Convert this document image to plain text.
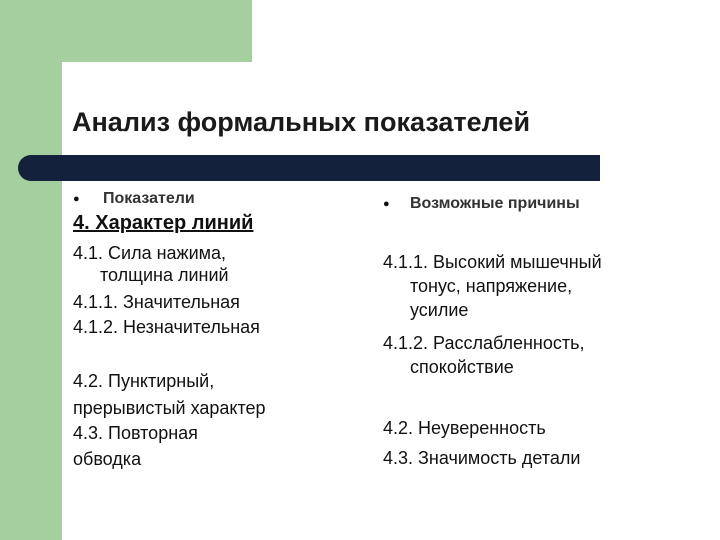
Анализ формальных показателей
● Показатели
4. Характер линий
4.1. Сила нажима,
толщина линий
4.1.1. Значительная
4.1.2. Незначительная
4.2. Пунктирный,
прерывистый характер
4.3. Повторная
обводка
● Возможные причины
4.1.1. Высокий мышечный
тонус, напряжение,
усилие
4.1.2. Расслабленность,
спокойствие
4.2. Неуверенность
4.3. Значимость детали
